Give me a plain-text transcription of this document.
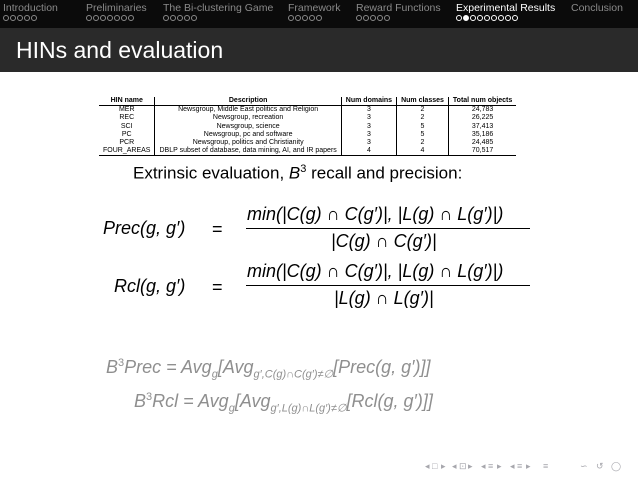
Introduction	Preliminaries The Bi-clustering Game Framework Reward Functions Experimental Results Conclusion
HINs and evaluation
HIN name	Description	Num domains	Num classes	Total num objects
MER	Newsgroup, Middle East politics and Religion	3	2	24,783
REC	Newsgroup, recreation	3	2	26,225
SCI	Newsgroup, science	3	5	37,413
PC	Newsgroup, pc and software	3	5	35,186
PCR	Newsgroup, politics and Christianity	3	2	24,485
FOUR_AREAS	DBLP subset of database, data mining, AI, and IR papers	4	4	70,517
Extrinsic evaluation, $B^3$ recall and precision:
Prec(g, g′) =
min(|C(g) ∩ C(g′)|, |L(g) ∩ L(g′)|)
|C(g) ∩ C(g′)|
Rcl(g, g′) =
min(|C(g) ∩ C(g′)|, |L(g) ∩ L(g′)|)
|L(g) ∩ L(g′)|
$B^3Prec$ = Avg$_g$[Avg$_{g',C(g)\cap C(g')\ne\emptyset}$[Prec(g, g′)]]
$B^3Rcl = Avg_g[Avg_{g',L(g)\cap L(g')\ne\emptyset}[Rcl(g$, g′)]]
◂ □ ▸ ◂ ⊡ ▸ ◂ ≡ ▸ ◂ ≡ ▸ ≡	∽ ↺ ◯
